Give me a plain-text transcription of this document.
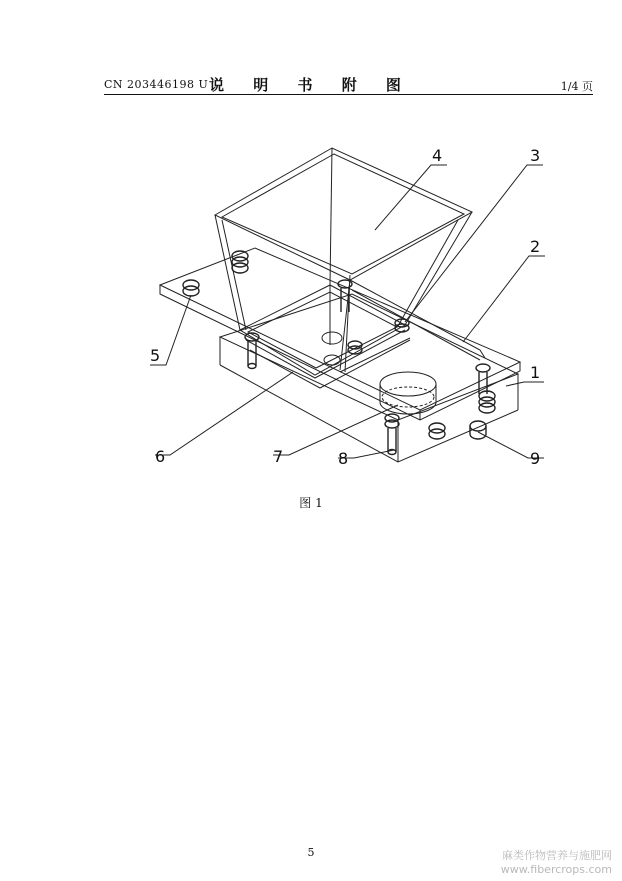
CN 203446198 U 说 明 书 附 图	1/4 页
4	3
2
1
5
6	7	8	9
图 1
5	麻类作物营养与施肥网
www.fibercrops.com
